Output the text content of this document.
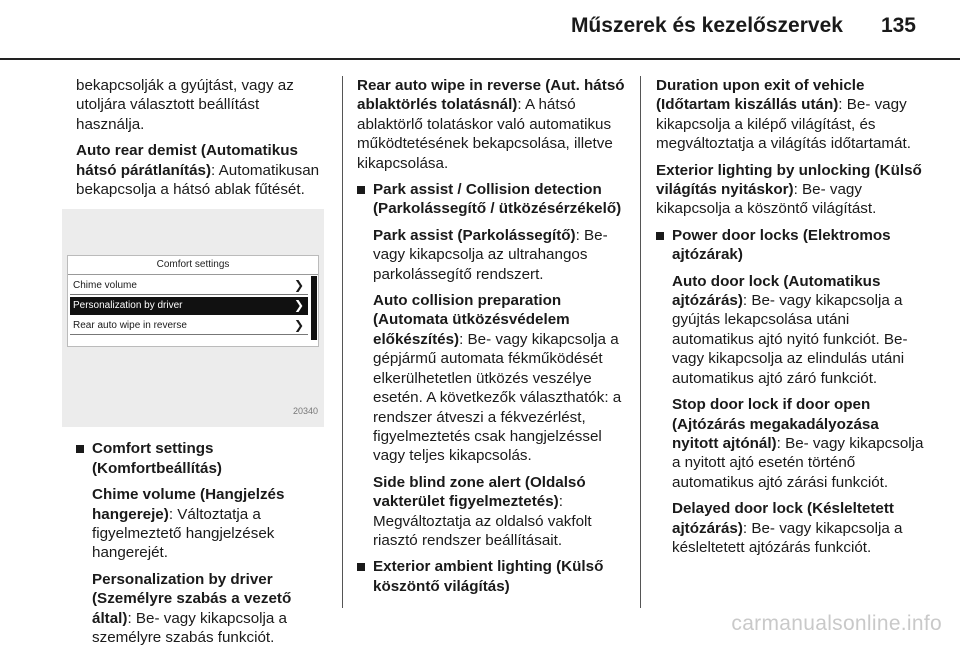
Műszerek és kezelőszervek 135

bekapcsolják a gyújtást, vagy az utoljára választott beállítást használja.

Auto rear demist (Automatikus hátsó párátlanítás): Automatikusan bekapcsolja a hátsó ablak fűtését.

Comfort settings
Chime volume	❯
Personalization by driver	❯
Rear auto wipe in reverse	❯
20340
Comfort settings (Komfortbeállítás)

Chime volume (Hangjelzés hangereje): Változtatja a figyelmeztető hangjelzések hangerejét.

Personalization by driver (Személyre szabás a vezető által): Be- vagy kikapcsolja a személyre szabás funkciót.

Rear auto wipe in reverse (Aut. hátsó ablaktörlés tolatásnál): A hátsó ablaktörlő tolatáskor való automatikus működtetésének bekapcsolása, illetve kikapcsolása.

Park assist / Collision detection (Parkolássegítő / ütközésérzékelő)

Park assist (Parkolássegítő): Be- vagy kikapcsolja az ultrahangos parkolássegítő rendszert.

Auto collision preparation (Automata ütközésvédelem előkészítés): Be- vagy kikapcsolja a gépjármű automata fékműködését elkerülhetetlen ütközés veszélye esetén. A következők választhatók: a rendszer átveszi a fékvezérlést, figyelmeztetés csak hangjelzéssel vagy teljes kikapcsolás.

Side blind zone alert (Oldalsó vakterület figyelmeztetés): Megváltoztatja az oldalsó vakfolt riasztó rendszer beállításait.

Exterior ambient lighting (Külső köszöntő világítás)

Duration upon exit of vehicle (Időtartam kiszállás után): Be- vagy kikapcsolja a kilépő világítást, és megváltoztatja a világítás időtartamát.

Exterior lighting by unlocking (Külső világítás nyitáskor): Be- vagy kikapcsolja a köszöntő világítást.

Power door locks (Elektromos ajtózárak)

Auto door lock (Automatikus ajtózárás): Be- vagy kikapcsolja a gyújtás lekapcsolása utáni automatikus ajtó nyitó funkciót. Be- vagy kikapcsolja az elindulás utáni automatikus ajtó záró funkciót.

Stop door lock if door open (Ajtózárás megakadályozása nyitott ajtónál): Be- vagy kikapcsolja a nyitott ajtó esetén történő automatikus ajtó zárási funkciót.

Delayed door lock (Késleltetett ajtózárás): Be- vagy kikapcsolja a késleltetett ajtózárás funkciót.

carmanualsonline.info
